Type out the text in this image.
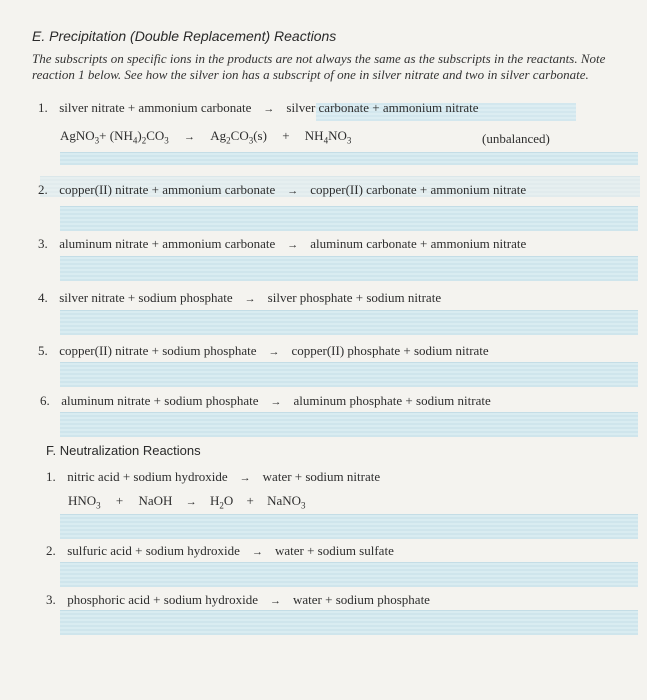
E. Precipitation (Double Replacement) Reactions
The subscripts on specific ions in the products are not always the same as the subscripts in the reactants. Note reaction 1 below. See how the silver ion has a subscript of one in silver nitrate and two in silver carbonate.
1. silver nitrate + ammonium carbonate → silver carbonate + ammonium nitrate
AgNO$_3$+ $(NH_4)_2CO_3 \to Ag_2CO_3(s) + NH_4NO_3$	(unbalanced)
2. copper(II) nitrate + ammonium carbonate → copper(II) carbonate + ammonium nitrate
3. aluminum nitrate + ammonium carbonate → aluminum carbonate + ammonium nitrate
4. silver nitrate + sodium phosphate → silver phosphate + sodium nitrate
5. copper(II) nitrate + sodium phosphate → copper(II) phosphate + sodium nitrate
6. aluminum nitrate + sodium phosphate → aluminum phosphate + sodium nitrate
F. Neutralization Reactions
1. nitric acid + sodium hydroxide → water + sodium nitrate
$HNO_3$ + NaOH → $H_2O$ + NaNO$_3$
2. sulfuric acid + sodium hydroxide → water + sodium sulfate
3. phosphoric acid + sodium hydroxide → water + sodium phosphate
